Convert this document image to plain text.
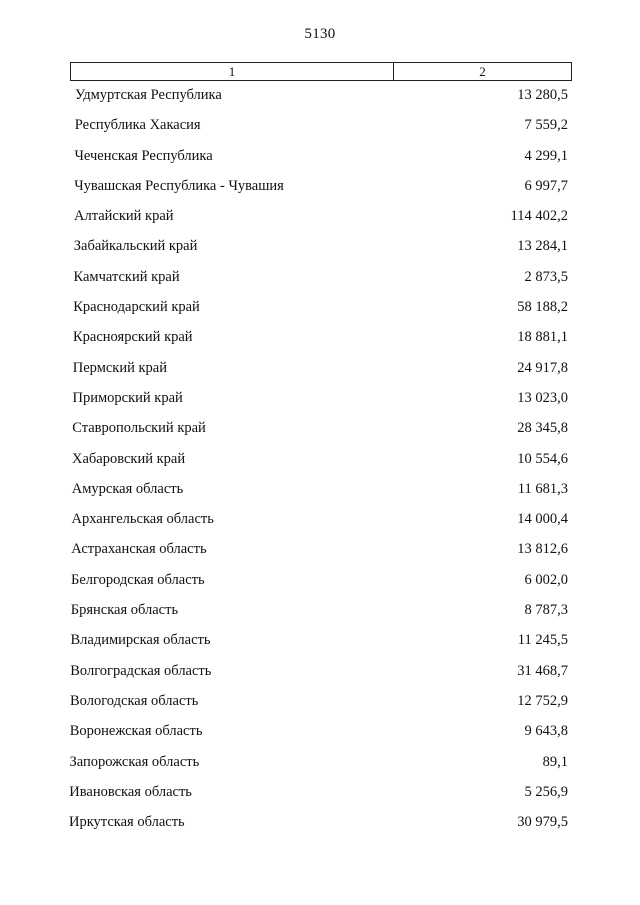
5130
1	2
Удмуртская Республика	13 280,5
Республика Хакасия	7 559,2
Чеченская Республика	4 299,1
Чувашская Республика - Чувашия	6 997,7
Алтайский край	114 402,2
Забайкальский край	13 284,1
Камчатский край	2 873,5
Краснодарский край	58 188,2
Красноярский край	18 881,1
Пермский край	24 917,8
Приморский край	13 023,0
Ставропольский край	28 345,8
Хабаровский край	10 554,6
Амурская область	11 681,3
Архангельская область	14 000,4
Астраханская область	13 812,6
Белгородская область	6 002,0
Брянская область	8 787,3
Владимирская область	11 245,5
Волгоградская область	31 468,7
Вологодская область	12 752,9
Воронежская область	9 643,8
Запорожская область	89,1
Ивановская область	5 256,9
Иркутская область	30 979,5
